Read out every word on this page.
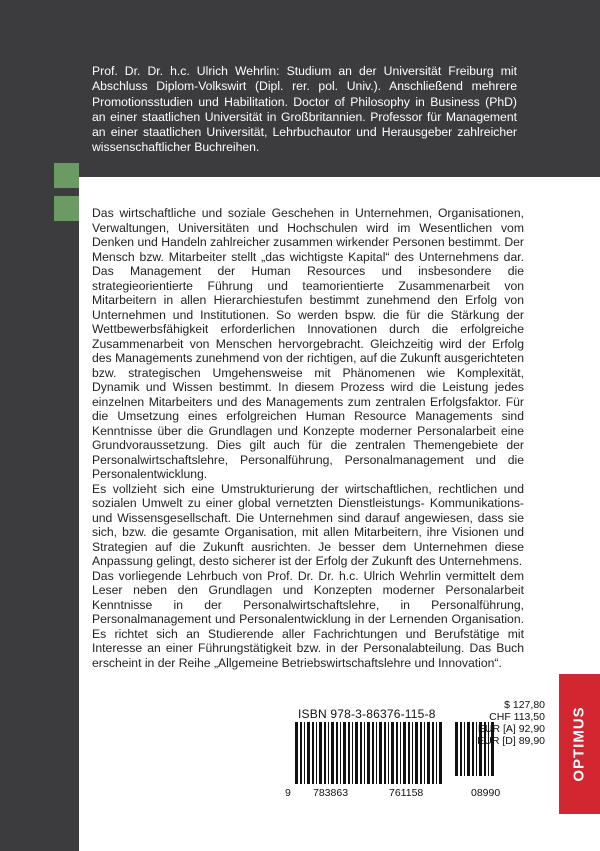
Prof. Dr. Dr. h.c. Ulrich Wehrlin: Studium an der Universität Freiburg mit Abschluss Diplom-Volkswirt (Dipl. rer. pol. Univ.). Anschließend mehrere Promotionsstudien und Habilitation. Doctor of Philosophy in Business (PhD) an einer staatlichen Universität in Großbritannien. Professor für Management an einer staatlichen Universität, Lehrbuchautor und Herausgeber zahlreicher wissenschaftlicher Buchreihen.

Das wirtschaftliche und soziale Geschehen in Unternehmen, Organisationen, Verwaltungen, Universitäten und Hochschulen wird im Wesentlichen vom Denken und Handeln zahlreicher zusammen wirkender Personen bestimmt. Der Mensch bzw. Mitarbeiter stellt „das wichtigste Kapital“ des Unternehmens dar. Das Management der Human Resources und insbesondere die strategieorientierte Führung und teamorientierte Zusammenarbeit von Mitarbeitern in allen Hierarchiestufen bestimmt zunehmend den Erfolg von Unternehmen und Institutionen. So werden bspw. die für die Stärkung der Wettbewerbsfähigkeit erforderlichen Innovationen durch die erfolgreiche Zusammenarbeit von Menschen hervorgebracht. Gleichzeitig wird der Erfolg des Managements zunehmend von der richtigen, auf die Zukunft ausgerichteten bzw. strategischen Umgehensweise mit Phänomenen wie Komplexität, Dynamik und Wissen bestimmt. In diesem Prozess wird die Leistung jedes einzelnen Mitarbeiters und des Managements zum zentralen Erfolgsfaktor. Für die Umsetzung eines erfolgreichen Human Resource Managements sind Kenntnisse über die Grundlagen und Konzepte moderner Personalarbeit eine Grundvoraussetzung. Dies gilt auch für die zentralen Themengebiete der Personalwirtschaftslehre, Personalführung, Personalmanagement und die Personalentwicklung.

Es vollzieht sich eine Umstrukturierung der wirtschaftlichen, rechtlichen und sozialen Umwelt zu einer global vernetzten Dienstleistungs- Kommunikations- und Wissensgesellschaft. Die Unternehmen sind darauf angewiesen, dass sie sich, bzw. die gesamte Organisation, mit allen Mitarbeitern, ihre Visionen und Strategien auf die Zukunft ausrichten. Je besser dem Unternehmen diese Anpassung gelingt, desto sicherer ist der Erfolg der Zukunft des Unternehmens.

Das vorliegende Lehrbuch von Prof. Dr. Dr. h.c. Ulrich Wehrlin vermittelt dem Leser neben den Grundlagen und Konzepten moderner Personalarbeit Kenntnisse in der Personalwirtschaftslehre, in Personalführung, Personalmanagement und Personalentwicklung in der Lernenden Organisation. Es richtet sich an Studierende aller Fachrichtungen und Berufstätige mit Interesse an einer Führungstätigkeit bzw. in der Personalabteilung. Das Buch erscheint in der Reihe „Allgemeine Betriebswirtschaftslehre und Innovation“.

ISBN 978-3-86376-115-8
9 783863	761158	08990
$ 127,80
CHF 113,50
EUR [A] 92,90
EUR [D] 89,90 OPTIMUS
